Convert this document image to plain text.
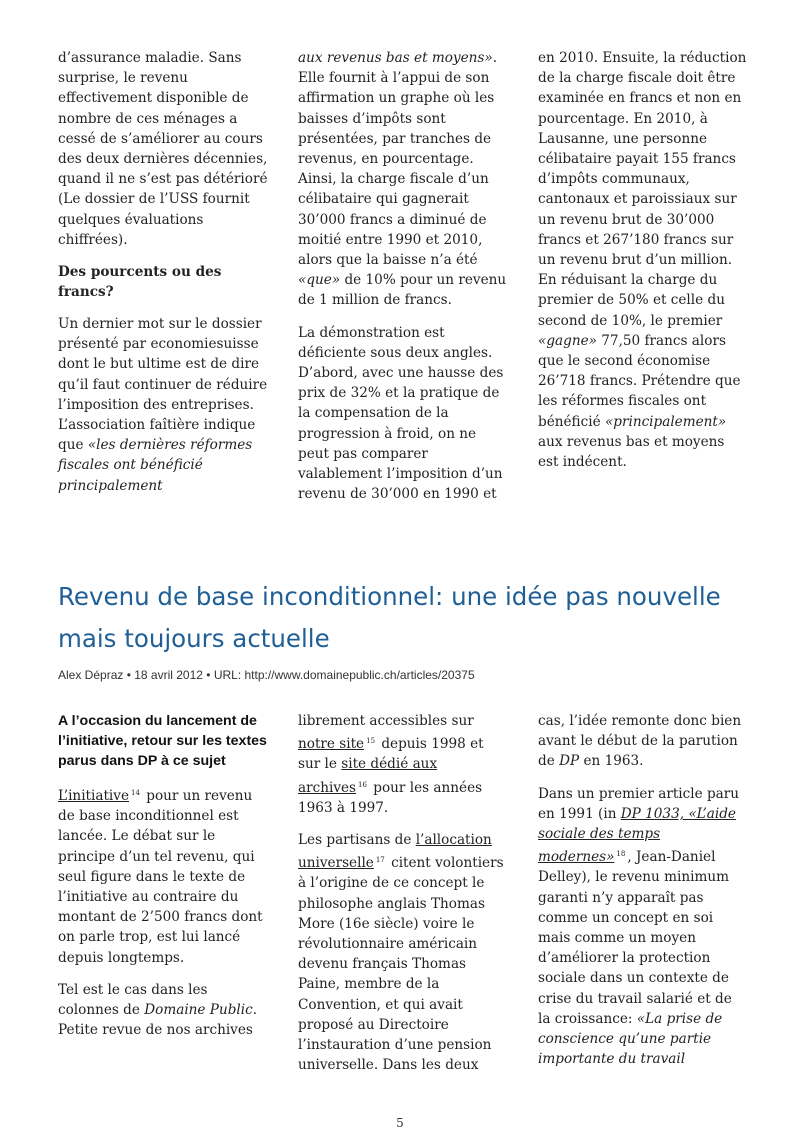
d’assurance maladie. Sans surprise, le revenu effectivement disponible de nombre de ces ménages a cessé de s’améliorer au cours des deux dernières décennies, quand il ne s’est pas détérioré (Le dossier de l’USS fournit quelques évaluations chiffrées).

Des pourcents ou des francs?

Un dernier mot sur le dossier présenté par economiesuisse dont le but ultime est de dire qu’il faut continuer de réduire l’imposition des entreprises. L’association faîtière indique que «les dernières réformes fiscales ont bénéficié principalement

aux revenus bas et moyens». Elle fournit à l’appui de son affirmation un graphe où les baisses d’impôts sont présentées, par tranches de revenus, en pourcentage. Ainsi, la charge fiscale d’un célibataire qui gagnerait 30’000 francs a diminué de moitié entre 1990 et 2010, alors que la baisse n’a été «que» de 10% pour un revenu de 1 million de francs.

La démonstration est déficiente sous deux angles. D’abord, avec une hausse des prix de 32% et la pratique de la compensation de la progression à froid, on ne peut pas comparer valablement l’imposition d’un revenu de 30’000 en 1990 et

en 2010. Ensuite, la réduction de la charge fiscale doit être examinée en francs et non en pourcentage. En 2010, à Lausanne, une personne célibataire payait 155 francs d’impôts communaux, cantonaux et paroissiaux sur un revenu brut de 30’000 francs et 267’180 francs sur un revenu brut d’un million. En réduisant la charge du premier de 50% et celle du second de 10%, le premier «gagne» 77,50 francs alors que le second économise 26’718 francs. Prétendre que les réformes fiscales ont bénéficié «principalement» aux revenus bas et moyens est indécent.

Revenu de base inconditionnel: une idée pas nouvelle mais toujours actuelle
Alex Dépraz • 18 avril 2012 • URL: http://www.domainepublic.ch/articles/20375

A l’occasion du lancement de l’initiative, retour sur les textes parus dans DP à ce sujet

L’initiative $^{14}$ pour un revenu de base inconditionnel est lancée. Le débat sur le principe d’un tel revenu, qui seul figure dans le texte de l’initiative au contraire du montant de 2’500 francs dont on parle trop, est lui lancé depuis longtemps.

Tel est le cas dans les colonnes de Domaine Public. Petite revue de nos archives

librement accessibles sur notre site $^{15}$ depuis 1998 et sur le site dédié aux archives $^{16}$ pour les années 1963 à 1997.

Les partisans de l’allocation universelle $^{17}$ citent volontiers à l’origine de ce concept le philosophe anglais Thomas More (16e siècle) voire le révolutionnaire américain devenu français Thomas Paine, membre de la Convention, et qui avait proposé au Directoire l’instauration d’une pension universelle. Dans les deux

cas, l’idée remonte donc bien avant le début de la parution de DP en 1963.

Dans un premier article paru en 1991 (in DP 1033, «L’aide sociale des temps modernes» $^{18}$ , Jean-Daniel Delley), le revenu minimum garanti n’y apparaît pas comme un concept en soi mais comme un moyen d’améliorer la protection sociale dans un contexte de crise du travail salarié et de la croissance: «La prise de conscience qu’une partie importante du travail

5
